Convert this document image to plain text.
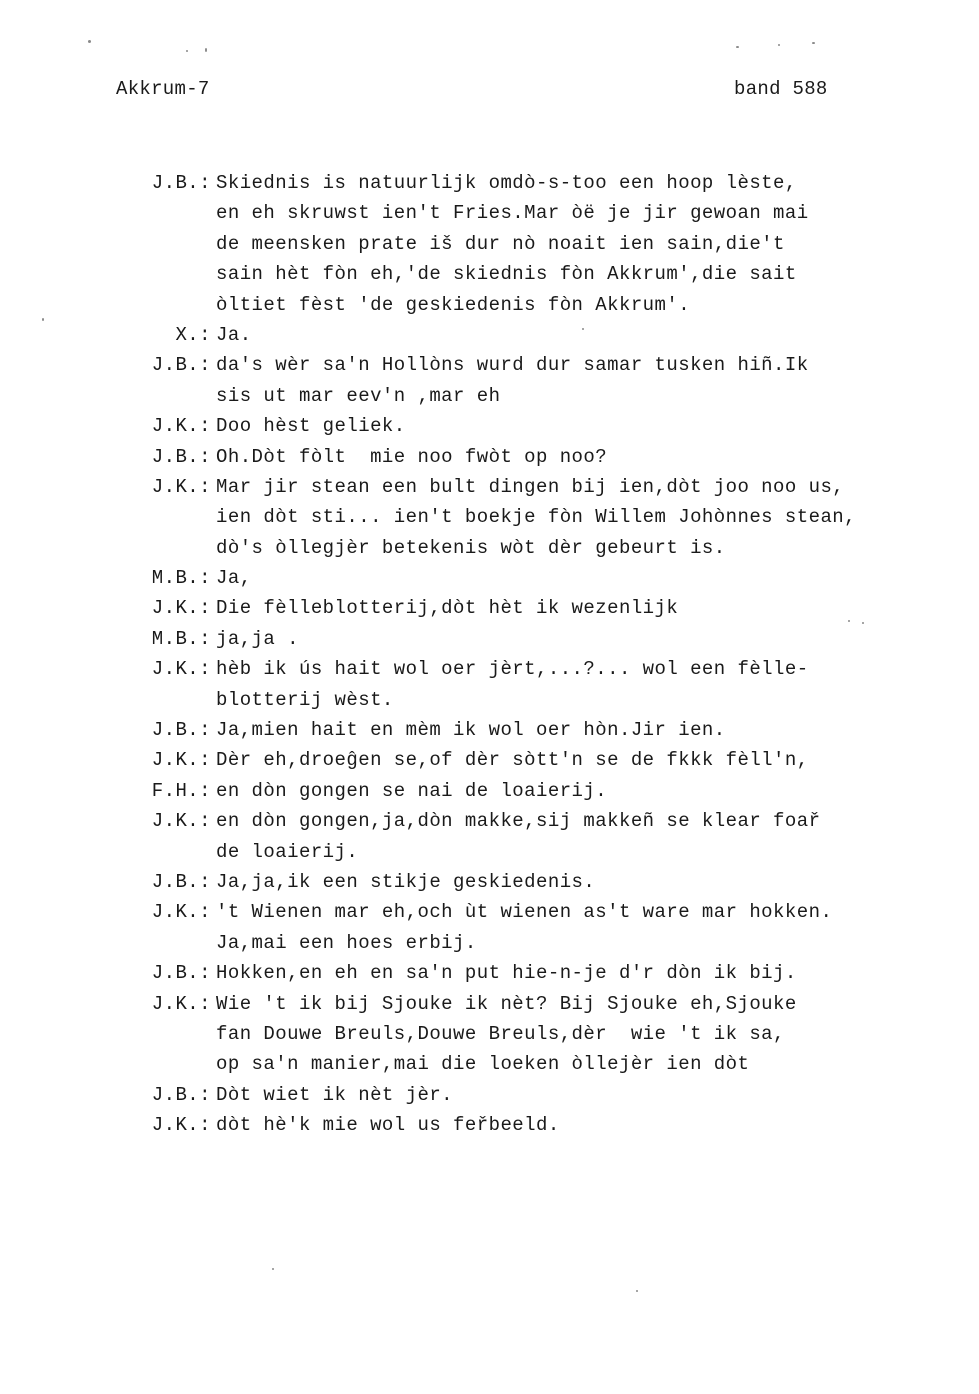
Akkrum-7	band 588
J.B.: Skiednis is natuurlijk omdò-s-too een hoop lèste,
en eh skruwst ien't Fries.Mar òë je jir gewoan mai
de meensken prate iš dur nò noait ien sain,die't
sain hèt fòn eh,'de skiednis fòn Akkrum',die sait
òltiet fèst 'de geskiedenis fòn Akkrum'.
X.: Ja.
J.B.: da's wèr sa'n Hollòns wurd dur samar tusken hiñ.Ik
sis ut mar eev'n ,mar eh
J.K.: Doo hèst geliek.
J.B.: Oh.Dòt fòlt  mie noo fwòt op noo?
J.K.: Mar jir stean een bult dingen bij ien,dòt joo noo us,
ien dòt sti... ien't boekje fòn Willem Johònnes stean,
dò's òllegjèr betekenis wòt dèr gebeurt is.
M.B.: Ja,
J.K.: Die fèlleblotterij,dòt hèt ik wezenlijk
M.B.: ja,ja .
J.K.: hèb ik ús hait wol oer jèrt,...?... wol een fèlle-
blotterij wèst.
J.B.: Ja,mien hait en mèm ik wol oer hòn.Jir ien.
J.K.: Dèr eh,droeĝen se,of dèr sòtt'n se de fkkk fèll'n,
F.H.: en dòn gongen se nai de loaierij.
J.K.: en dòn gongen,ja,dòn makke,sij makkeñ se klear foař
de loaierij.
J.B.: Ja,ja,ik een stikje geskiedenis.
J.K.: 't Wienen mar eh,och ùt wienen as't ware mar hokken.
Ja,mai een hoes erbij.
J.B.: Hokken,en eh en sa'n put hie-n-je d'r dòn ik bij.
J.K.: Wie 't ik bij Sjouke ik nèt? Bij Sjouke eh,Sjouke
fan Douwe Breuls,Douwe Breuls,dèr  wie 't ik sa,
op sa'n manier,mai die loeken òllejèr ien dòt
J.B.: Dòt wiet ik nèt jèr.
J.K.: dòt hè'k mie wol us feřbeeld.
